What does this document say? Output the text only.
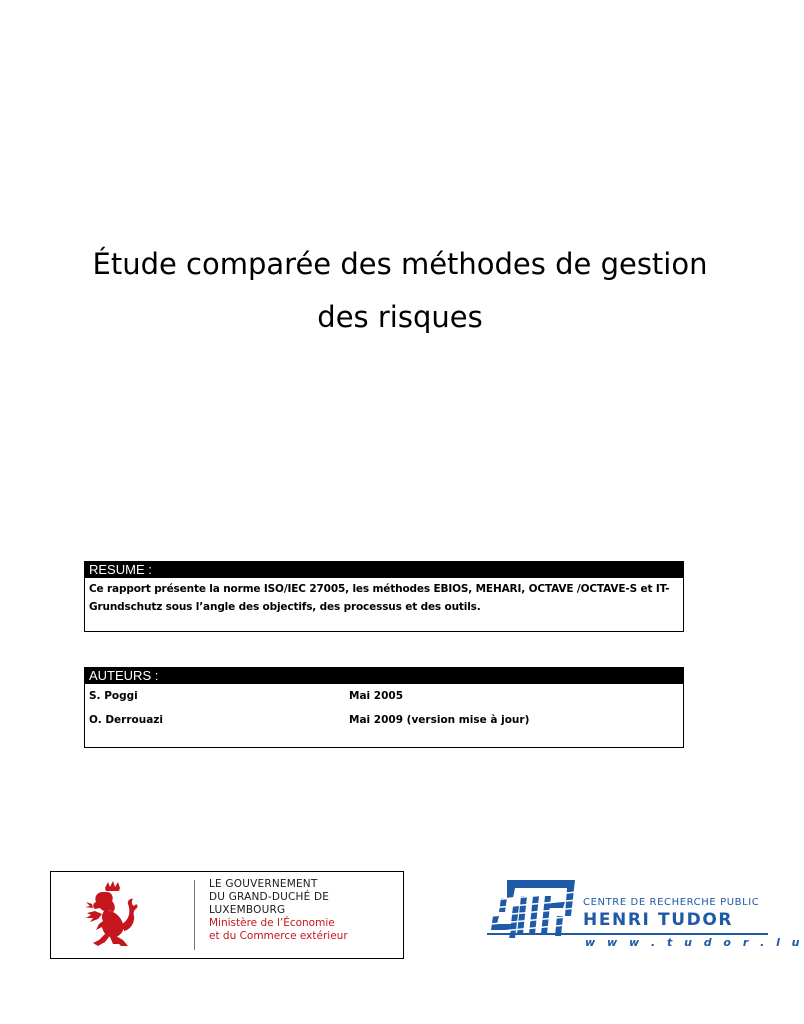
Étude comparée des méthodes de gestion
des risques
RESUME :
Ce rapport présente la norme ISO/IEC 27005, les méthodes EBIOS, MEHARI, OCTAVE /OCTAVE-S et IT-Grundschutz sous l’angle des objectifs, des processus et des outils.
AUTEURS :
S. Poggi	Mai 2005
O. Derrouazi	Mai 2009 (version mise à jour)
LE GOUVERNEMENT
DU GRAND-DUCHÉ DE LUXEMBOURG
Ministère de l’Économie
et du Commerce extérieur
CENTRE DE RECHERCHE PUBLIC
HENRI TUDOR
w w w . t u d o r . l u
